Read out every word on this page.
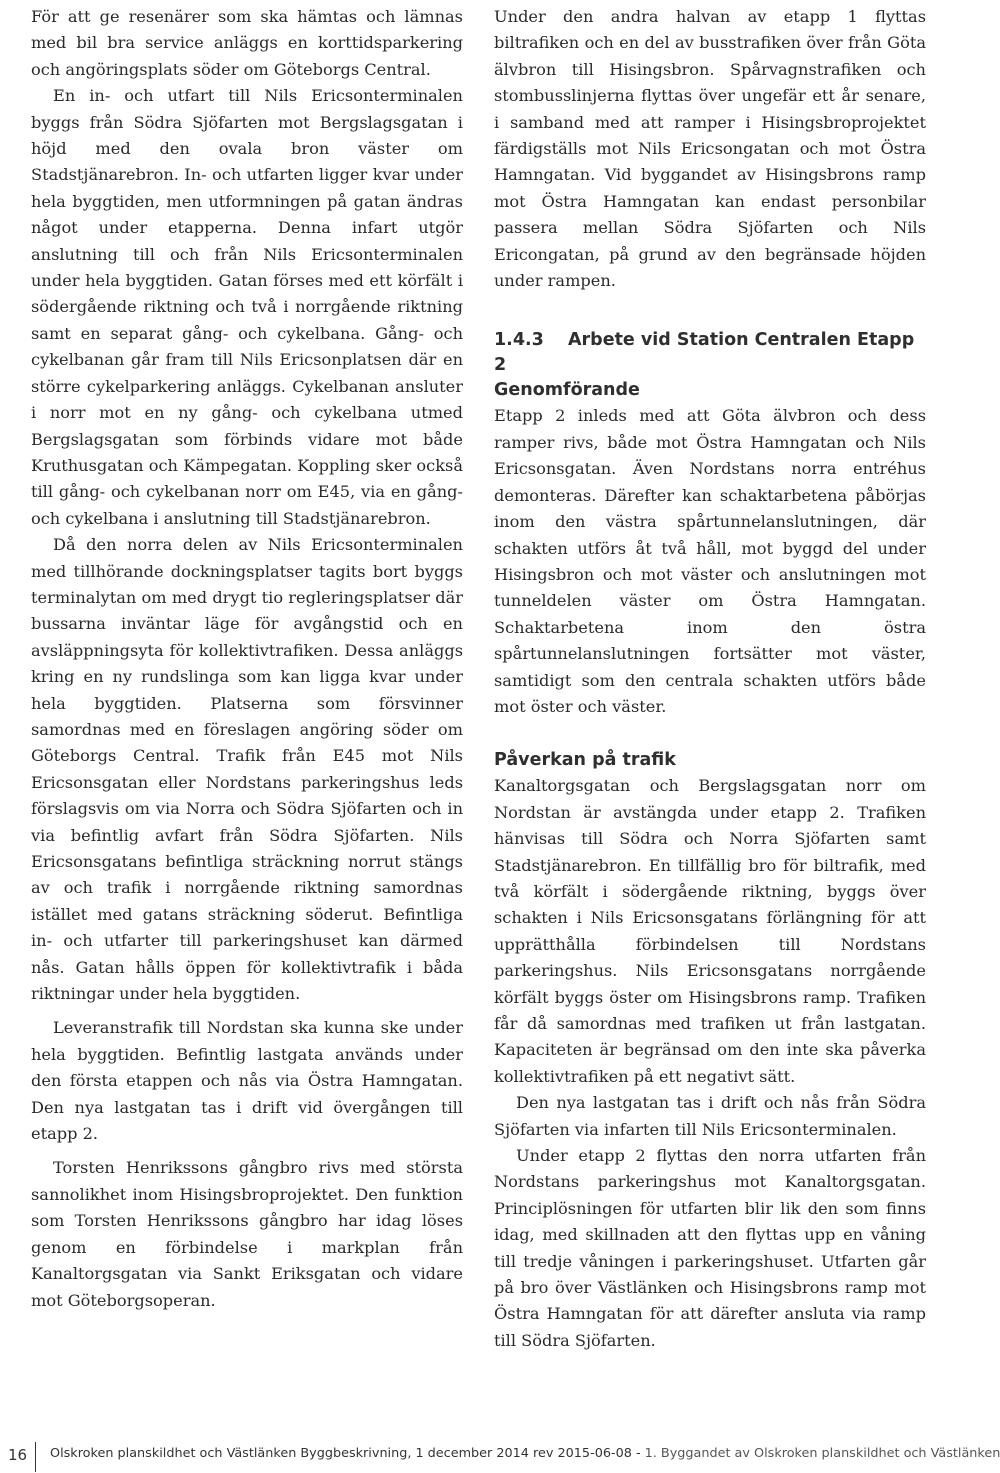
För att ge resenärer som ska hämtas och lämnas med bil bra service anläggs en korttidsparkering och angöringsplats söder om Göteborgs Central.

En in- och utfart till Nils Ericsonterminalen byggs från Södra Sjöfarten mot Bergslagsgatan i höjd med den ovala bron väster om Stadstjänarebron. In- och utfarten ligger kvar under hela byggtiden, men utformningen på gatan ändras något under etapperna. Denna infart utgör anslutning till och från Nils Ericsonterminalen under hela byggtiden. Gatan förses med ett körfält i södergående riktning och två i norrgående riktning samt en separat gång- och cykelbana. Gång- och cykelbanan går fram till Nils Ericsonplatsen där en större cykelparkering anläggs. Cykelbanan ansluter i norr mot en ny gång- och cykelbana utmed Bergslagsgatan som förbinds vidare mot både Kruthusgatan och Kämpegatan. Koppling sker också till gång- och cykelbanan norr om E45, via en gång- och cykelbana i anslutning till Stadstjänarebron.

Då den norra delen av Nils Ericsonterminalen med tillhörande dockningsplatser tagits bort byggs terminalytan om med drygt tio regleringsplatser där bussarna inväntar läge för avgångstid och en avsläppningsyta för kollektivtrafiken. Dessa anläggs kring en ny rundslinga som kan ligga kvar under hela byggtiden. Platserna som försvinner samordnas med en föreslagen angöring söder om Göteborgs Central. Trafik från E45 mot Nils Ericsonsgatan eller Nordstans parkeringshus leds förslagsvis om via Norra och Södra Sjöfarten och in via befintlig avfart från Södra Sjöfarten. Nils Ericsonsgatans befintliga sträckning norrut stängs av och trafik i norrgående riktning samordnas istället med gatans sträckning söderut. Befintliga in- och utfarter till parkeringshuset kan därmed nås. Gatan hålls öppen för kollektivtrafik i båda riktningar under hela byggtiden.

Leveranstrafik till Nordstan ska kunna ske under hela byggtiden. Befintlig lastgata används under den första etappen och nås via Östra Hamngatan. Den nya lastgatan tas i drift vid övergången till etapp 2.

Torsten Henrikssons gångbro rivs med största sannolikhet inom Hisingsbroprojektet. Den funktion som Torsten Henrikssons gångbro har idag löses genom en förbindelse i markplan från Kanaltorgsgatan via Sankt Eriksgatan och vidare mot Göteborgsoperan.

Under den andra halvan av etapp 1 flyttas biltrafiken och en del av busstrafiken över från Göta älvbron till Hisingsbron. Spårvagnstrafiken och stombusslinjerna flyttas över ungefär ett år senare, i samband med att ramper i Hisingsbroprojektet färdigställs mot Nils Ericsongatan och mot Östra Hamngatan. Vid byggandet av Hisingsbrons ramp mot Östra Hamngatan kan endast personbilar passera mellan Södra Sjöfarten och Nils Ericongatan, på grund av den begränsade höjden under rampen.

1.4.3 Arbete vid Station Centralen Etapp 2
Genomförande

Etapp 2 inleds med att Göta älvbron och dess ramper rivs, både mot Östra Hamngatan och Nils Ericsonsgatan. Även Nordstans norra entréhus demonteras. Därefter kan schaktarbetena påbörjas inom den västra spårtunnelanslutningen, där schakten utförs åt två håll, mot byggd del under Hisingsbron och mot väster och anslutningen mot tunneldelen väster om Östra Hamngatan. Schaktarbetena inom den östra spårtunnelanslutningen fortsätter mot väster, samtidigt som den centrala schakten utförs både mot öster och väster.

Påverkan på trafik

Kanaltorgsgatan och Bergslagsgatan norr om Nordstan är avstängda under etapp 2. Trafiken hänvisas till Södra och Norra Sjöfarten samt Stadstjänarebron. En tillfällig bro för biltrafik, med två körfält i södergående riktning, byggs över schakten i Nils Ericsonsgatans förlängning för att upprätthålla förbindelsen till Nordstans parkeringshus. Nils Ericsonsgatans norrgående körfält byggs öster om Hisingsbrons ramp. Trafiken får då samordnas med trafiken ut från lastgatan. Kapaciteten är begränsad om den inte ska påverka kollektivtrafiken på ett negativt sätt.

Den nya lastgatan tas i drift och nås från Södra Sjöfarten via infarten till Nils Ericsonterminalen.

Under etapp 2 flyttas den norra utfarten från Nordstans parkeringshus mot Kanaltorgsgatan. Principlösningen för utfarten blir lik den som finns idag, med skillnaden att den flyttas upp en våning till tredje våningen i parkeringshuset. Utfarten går på bro över Västlänken och Hisingsbrons ramp mot Östra Hamngatan för att därefter ansluta via ramp till Södra Sjöfarten.

16 Olskroken planskildhet och Västlänken Byggbeskrivning, 1 december 2014 rev 2015-06-08 - 1. Byggandet av Olskroken planskildhet och Västlänken
